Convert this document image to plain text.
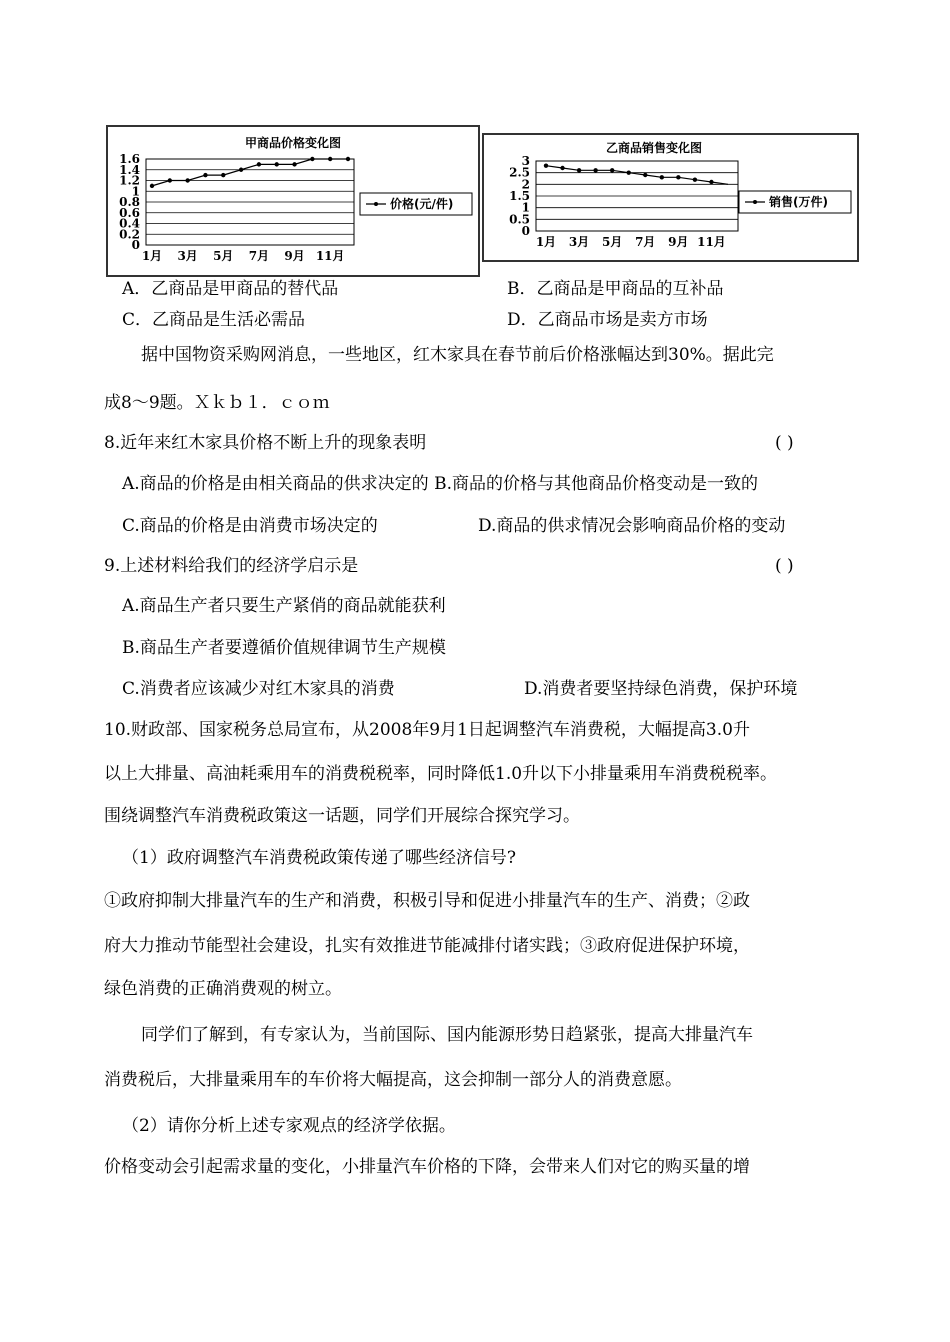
甲商品价格变化图
0
0.2
0.4
0.6
0.8
1
1.2
1.4
1.6
1月 3月 5月 7月 9月 11月
价格(元/件)
乙商品销售变化图
0
0.5
1
1.5
2
2.5
3
1月 3月 5月 7月 9月 11月
销售(万件)
A．乙商品是甲商品的替代品	B．乙商品是甲商品的互补品
C．乙商品是生活必需品	D．乙商品市场是卖方市场
据中国物资采购网消息，一些地区，红木家具在春节前后价格涨幅达到30%。据此完
成8～9题。Ｘｋｂ１．ｃｏｍ
8.近年来红木家具价格不断上升的现象表明
A.商品的价格是由相关商品的供求决定的 B.商品的价格与其他商品价格变动是一致的
C.商品的价格是由消费市场决定的	D.商品的供求情况会影响商品价格的变动
9.上述材料给我们的经济学启示是
A.商品生产者只要生产紧俏的商品就能获利
B.商品生产者要遵循价值规律调节生产规模
C.消费者应该减少对红木家具的消费	D.消费者要坚持绿色消费，保护环境
10.财政部、国家税务总局宣布，从2008年9月1日起调整汽车消费税，大幅提高3.0升
以上大排量、高油耗乘用车的消费税税率，同时降低1.0升以下小排量乘用车消费税税率。
围绕调整汽车消费税政策这一话题，同学们开展综合探究学习。
（1）政府调整汽车消费税政策传递了哪些经济信号?
①政府抑制大排量汽车的生产和消费，积极引导和促进小排量汽车的生产、消费；②政
府大力推动节能型社会建设，扎实有效推进节能减排付诸实践；③政府促进保护环境，
绿色消费的正确消费观的树立。
同学们了解到，有专家认为，当前国际、国内能源形势日趋紧张，提高大排量汽车
消费税后，大排量乘用车的车价将大幅提高，这会抑制一部分人的消费意愿。
（2）请你分析上述专家观点的经济学依据。
价格变动会引起需求量的变化，小排量汽车价格的下降，会带来人们对它的购买量的增
( )
( )
